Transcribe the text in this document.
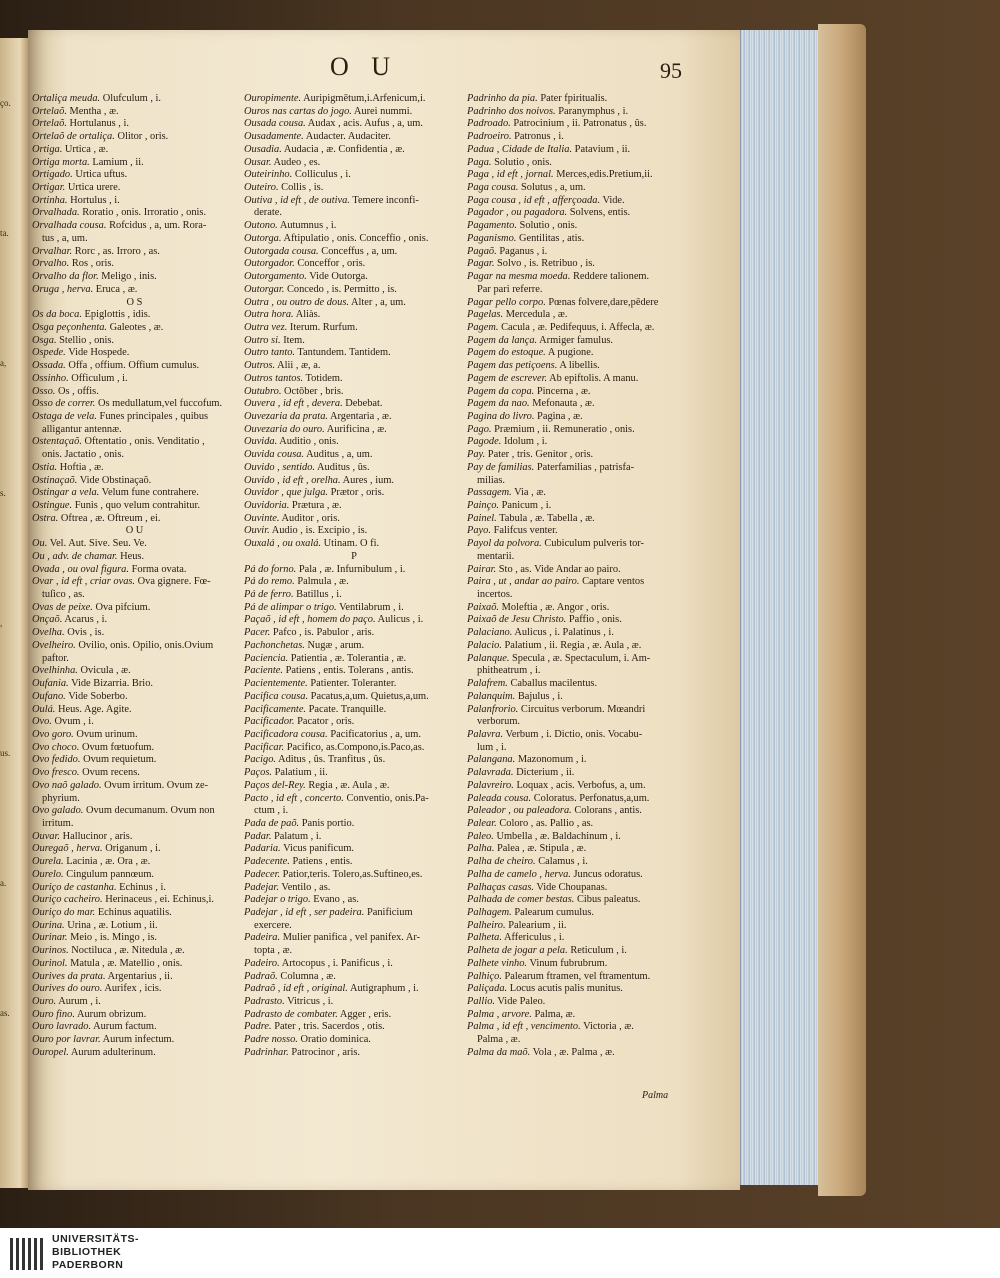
ço.
ta.
a,
s.
,
us.
a.
as.
O U	95
Ortaliça meuda. Olufculum , i.
Ortelaõ. Mentha , æ.
Ortelaõ. Hortulanus , i.
Ortelaõ de ortaliça. Olitor , oris.
Ortiga. Urtica , æ.
Ortiga morta. Lamium , ii.
Ortigado. Urtica uftus.
Ortigar. Urtica urere.
Ortinha. Hortulus , i.
Orvalhada. Roratio , onis. Irroratio , onis.
Orvalhada cousa. Rofcidus , a, um. Rora-
tus , a, um.
Orvalhar. Rorc , as. Irroro , as.
Orvalho. Ros , oris.
Orvalho da flor. Meligo , inis.
Oruga , herva. Eruca , æ.
O S
Os da boca. Epiglottis , idis.
Osga peçonhenta. Galeotes , æ.
Osga. Stellio , onis.
Ospede. Vide Hospede.
Ossada. Offa , offium. Offium cumulus.
Ossinho. Officulum , i.
Osso. Os , offis.
Osso de correr. Os medullatum,vel fuccofum.
Ostaga de vela. Funes principales , quibus
alligantur antennæ.
Ostentaçaõ. Oftentatio , onis. Venditatio ,
onis. Jactatio , onis.
Ostia. Hoftia , æ.
Ostinaçaõ. Vide Obstinaçaõ.
Ostingar a vela. Velum fune contrahere.
Ostingue. Funis , quo velum contrahitur.
Ostra. Oftrea , æ. Oftreum , ei.
O U
Ou. Vel. Aut. Sive. Seu. Ve.
Ou , adv. de chamar. Heus.
Ovada , ou oval figura. Forma ovata.
Ovar , id eft , criar ovas. Ova gignere. Fœ-
tuſico , as.
Ovas de peixe. Ova pifcium.
Onçaõ. Acarus , i.
Ovelha. Ovis , is.
Ovelheiro. Ovilio, onis. Opilio, onis.Ovium
paftor.
Ovelhinha. Ovicula , æ.
Oufania. Vide Bizarria. Brio.
Oufano. Vide Soberbo.
Oulá. Heus. Age. Agite.
Ovo. Ovum , i.
Ovo goro. Ovum urinum.
Ovo choco. Ovum fœtuofum.
Ovo fedido. Ovum requietum.
Ovo fresco. Ovum recens.
Ovo naõ galado. Ovum irritum. Ovum ze-
phyrium.
Ovo galado. Ovum decumanum. Ovum non
irritum.
Ouvar. Hallucinor , aris.
Ouregaõ , herva. Origanum , i.
Ourela. Lacinia , æ. Ora , æ.
Ourelo. Cingulum pannœum.
Ouriço de castanha. Echinus , i.
Ouriço cacheiro. Herinaceus , ei. Echinus,i.
Ouriço do mar. Echinus aquatilis.
Ourina. Urina , æ. Lotium , ii.
Ourinar. Meio , is. Mingo , is.
Ourinos. Noctiluca , æ. Nitedula , æ.
Ourinol. Matula , æ. Matellio , onis.
Ourives da prata. Argentarius , ii.
Ourives do ouro. Aurifex , icis.
Ouro. Aurum , i.
Ouro fino. Aurum obrizum.
Ouro lavrado. Aurum factum.
Ouro por lavrar. Aurum infectum.
Ouropel. Aurum adulterinum.
Ouropimente. Auripigmētum,i.Arfenicum,i.
Ouros nas cartas do jogo. Aurei nummi.
Ousada cousa. Audax , acis. Aufus , a, um.
Ousadamente. Audacter. Audaciter.
Ousadia. Audacia , æ. Confidentia , æ.
Ousar. Audeo , es.
Outeirinho. Colliculus , i.
Outeiro. Collis , is.
Outiva , id eft , de outiva. Temere inconfi-
derate.
Outono. Autumnus , i.
Outorga. Aftipulatio , onis. Conceffio , onis.
Outorgada cousa. Conceffus , a, um.
Outorgador. Conceffor , oris.
Outorgamento. Vide Outorga.
Outorgar. Concedo , is. Permitto , is.
Outra , ou outro de dous. Alter , a, um.
Outra hora. Aliàs.
Outra vez. Iterum. Rurfum.
Outro si. Item.
Outro tanto. Tantundem. Tantidem.
Outros. Alii , æ, a.
Outros tantos. Totidem.
Outubro. Octōber , bris.
Ouvera , id eft , devera. Debebat.
Ouvezaria da prata. Argentaria , æ.
Ouvezaria do ouro. Aurificina , æ.
Ouvida. Auditio , onis.
Ouvida cousa. Auditus , a, um.
Ouvido , sentido. Auditus , ûs.
Ouvido , id eft , orelha. Aures , ium.
Ouvidor , que julga. Prætor , oris.
Ouvidoria. Prætura , æ.
Ouvinte. Auditor , oris.
Ouvir. Audio , is. Excipio , is.
Ouxalá , ou oxalá. Utinam. O fi.
P
Pá do forno. Pala , æ. Infurnibulum , i.
Pá do remo. Palmula , æ.
Pá de ferro. Batillus , i.
Pá de alimpar o trigo. Ventilabrum , i.
Paçaõ , id eft , homem do paço. Aulicus , i.
Pacer. Pafco , is. Pabulor , aris.
Pachonchetas. Nugæ , arum.
Paciencia. Patientia , æ. Tolerantia , æ.
Paciente. Patiens , entis. Tolerans , antis.
Pacientemente. Patienter. Toleranter.
Pacifica cousa. Pacatus,a,um. Quietus,a,um.
Pacificamente. Pacate. Tranquille.
Pacificador. Pacator , oris.
Pacificadora cousa. Pacificatorius , a, um.
Pacificar. Pacifico, as.Compono,is.Paco,as.
Pacigo. Aditus , ûs. Tranfitus , ûs.
Paços. Palatium , ii.
Paços del-Rey. Regia , æ. Aula , æ.
Pacto , id eft , concerto. Conventio, onis.Pa-
ctum , i.
Pada de paõ. Panis portio.
Padar. Palatum , i.
Padaria. Vicus panificum.
Padecente. Patiens , entis.
Padecer. Patior,teris. Tolero,as.Suftineo,es.
Padejar. Ventilo , as.
Padejar o trigo. Evano , as.
Padejar , id eft , ser padeira. Panificium
exercere.
Padeira. Mulier panifica , vel panifex. Ar-
topta , æ.
Padeiro. Artocopus , i. Panificus , i.
Padraõ. Columna , æ.
Padraõ , id eft , original. Autigraphum , i.
Padrasto. Vitricus , i.
Padrasto de combater. Agger , eris.
Padre. Pater , tris. Sacerdos , otis.
Padre nosso. Oratio dominica.
Padrinhar. Patrocinor , aris.
Padrinho da pia. Pater fpiritualis.
Padrinho dos noivos. Paranymphus , i.
Padroado. Patrocinium , ii. Patronatus , ûs.
Padroeiro. Patronus , i.
Padua , Cidade de Italia. Patavium , ii.
Paga. Solutio , onis.
Paga , id eft , jornal. Merces,edis.Pretium,ii.
Paga cousa. Solutus , a, um.
Paga cousa , id eft , afferçoada. Vide.
Pagador , ou pagadora. Solvens, entis.
Pagamento. Solutio , onis.
Paganismo. Gentilitas , atis.
Pagaõ. Paganus , i.
Pagar. Solvo , is. Retribuo , is.
Pagar na mesma moeda. Reddere talionem.
Par pari referre.
Pagar pello corpo. Pœnas folvere,dare,pēdere
Pagelas. Mercedula , æ.
Pagem. Cacula , æ. Pedifequus, i. Affecla, æ.
Pagem da lança. Armiger famulus.
Pagem do estoque. A pugione.
Pagem das petiçoens. A libellis.
Pagem de escrever. Ab epiftolis. A manu.
Pagem da copa. Pincerna , æ.
Pagem da nao. Mefonauta , æ.
Pagina do livro. Pagina , æ.
Pago. Præmium , ii. Remuneratio , onis.
Pagode. Idolum , i.
Pay. Pater , tris. Genitor , oris.
Pay de familias. Paterfamilias , patrisfa-
milias.
Passagem. Via , æ.
Painço. Panicum , i.
Painel. Tabula , æ. Tabella , æ.
Payo. Falifcus venter.
Payol da polvora. Cubiculum pulveris tor-
mentarii.
Pairar. Sto , as. Vide Andar ao pairo.
Paira , ut , andar ao pairo. Captare ventos
incertos.
Paixaõ. Moleftia , æ. Angor , oris.
Paixaõ de Jesu Christo. Paffio , onis.
Palaciano. Aulicus , i. Palatinus , i.
Palacio. Palatium , ii. Regia , æ. Aula , æ.
Palanque. Specula , æ. Spectaculum, i. Am-
phitheatrum , i.
Palafrem. Caballus macilentus.
Palanquim. Bajulus , i.
Palanfrorio. Circuitus verborum. Mœandri
verborum.
Palavra. Verbum , i. Dictio, onis. Vocabu-
lum , i.
Palangana. Mazonomum , i.
Palavrada. Dicterium , ii.
Palavreiro. Loquax , acis. Verbofus, a, um.
Paleada cousa. Coloratus. Perfonatus,a,um.
Paleador , ou paleadora. Colorans , antis.
Palear. Coloro , as. Pallio , as.
Paleo. Umbella , æ. Baldachinum , i.
Palha. Palea , æ. Stipula , æ.
Palha de cheiro. Calamus , i.
Palha de camelo , herva. Juncus odoratus.
Palhaças casas. Vide Choupanas.
Palhada de comer bestas. Cibus paleatus.
Palhagem. Palearum cumulus.
Palheiro. Palearium , ii.
Palheta. Affericulus , i.
Palheta de jogar a pela. Reticulum , i.
Palhete vinho. Vinum fubrubrum.
Palhiço. Palearum ftramen, vel ftramentum.
Paliçada. Locus acutis palis munitus.
Pallio. Vide Paleo.
Palma , arvore. Palma, æ.
Palma , id eft , vencimento. Victoria , æ.
Palma , æ.
Palma da maõ. Vola , æ. Palma , æ.
Palma
UNIVERSITÄTS-
BIBLIOTHEK
PADERBORN
